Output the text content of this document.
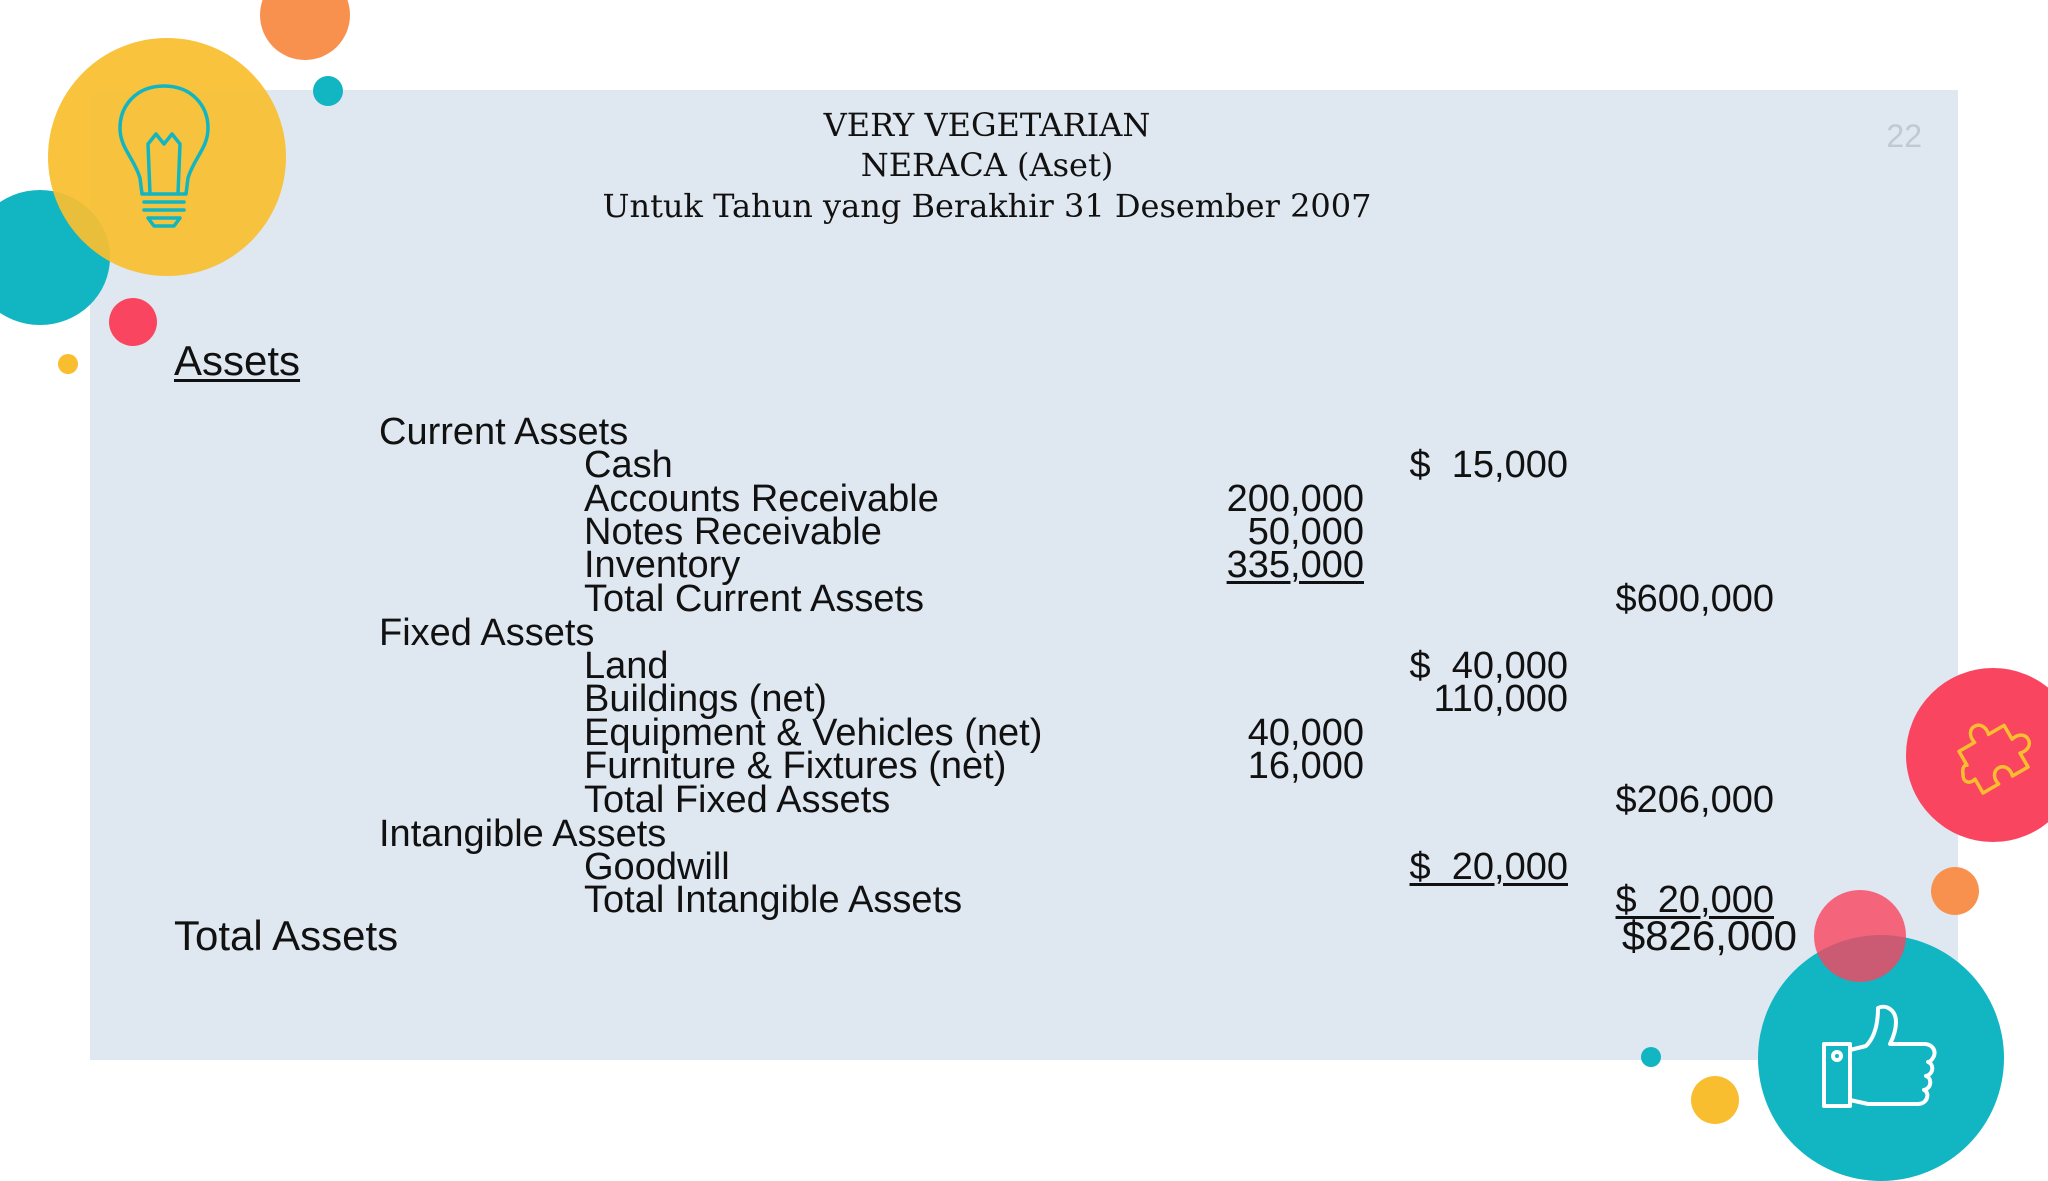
VERY VEGETARIAN
NERACA (Aset)
Untuk Tahun yang Berakhir 31 Desember 2007
22
Assets
Current Assets
Cash	$  15,000
Accounts Receivable	200,000
Notes Receivable	50,000
Inventory	335,000
Total Current Assets	$600,000
Fixed Assets
Land	$  40,000
Buildings (net)	110,000
Equipment & Vehicles (net)	40,000
Furniture & Fixtures (net)	16,000
Total Fixed Assets	$206,000
Intangible Assets
Goodwill	$  20,000
Total Intangible Assets	$  20,000
Total Assets	$826,000
